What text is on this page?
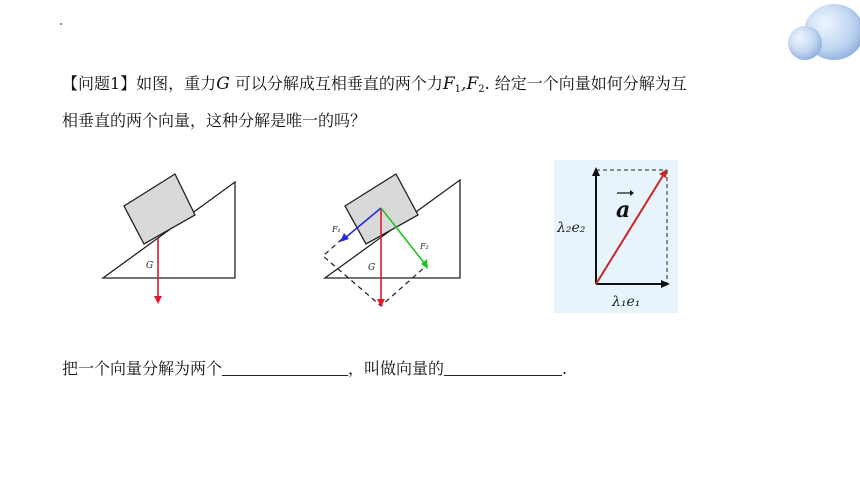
【问题1】如图，重力G 可以分解成互相垂直的两个力$F_1,F_2$. 给定一个向量如何分解为互
相垂直的两个向量，这种分解是唯一的吗？
G
F₁
F₂
G
a
λ₂e₂
λ₁e₁
把一个向量分解为两个	，叫做向量的	.
